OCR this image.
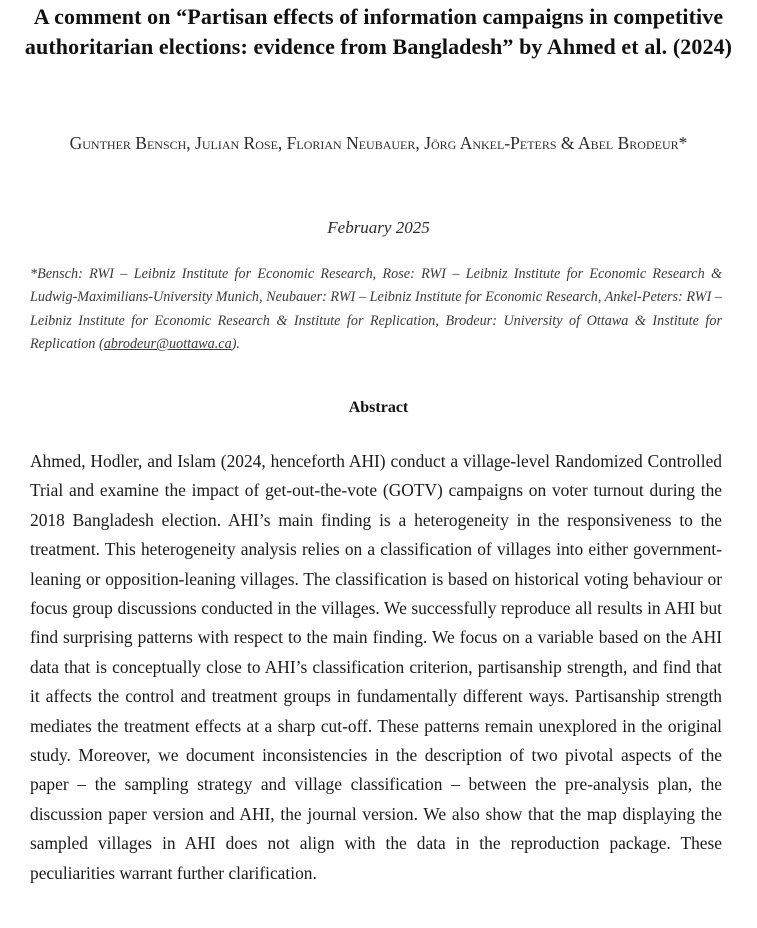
A comment on “Partisan effects of information campaigns in competitive authoritarian elections: evidence from Bangladesh” by Ahmed et al. (2024)
Gunther Bensch, Julian Rose, Florian Neubauer, Jörg Ankel-Peters & Abel Brodeur*
February 2025
*Bensch: RWI – Leibniz Institute for Economic Research, Rose: RWI – Leibniz Institute for Economic Research & Ludwig-Maximilians-University Munich, Neubauer: RWI – Leibniz Institute for Economic Research, Ankel-Peters: RWI – Leibniz Institute for Economic Research & Institute for Replication, Brodeur: University of Ottawa & Institute for Replication (abrodeur@uottawa.ca).
Abstract
Ahmed, Hodler, and Islam (2024, henceforth AHI) conduct a village-level Randomized Controlled Trial and examine the impact of get-out-the-vote (GOTV) campaigns on voter turnout during the 2018 Bangladesh election. AHI’s main finding is a heterogeneity in the responsiveness to the treatment. This heterogeneity analysis relies on a classification of villages into either government-leaning or opposition-leaning villages. The classification is based on historical voting behaviour or focus group discussions conducted in the villages. We successfully reproduce all results in AHI but find surprising patterns with respect to the main finding. We focus on a variable based on the AHI data that is conceptually close to AHI’s classification criterion, partisanship strength, and find that it affects the control and treatment groups in fundamentally different ways. Partisanship strength mediates the treatment effects at a sharp cut-off. These patterns remain unexplored in the original study. Moreover, we document inconsistencies in the description of two pivotal aspects of the paper – the sampling strategy and village classification – between the pre-analysis plan, the discussion paper version and AHI, the journal version. We also show that the map displaying the sampled villages in AHI does not align with the data in the reproduction package. These peculiarities warrant further clarification.
